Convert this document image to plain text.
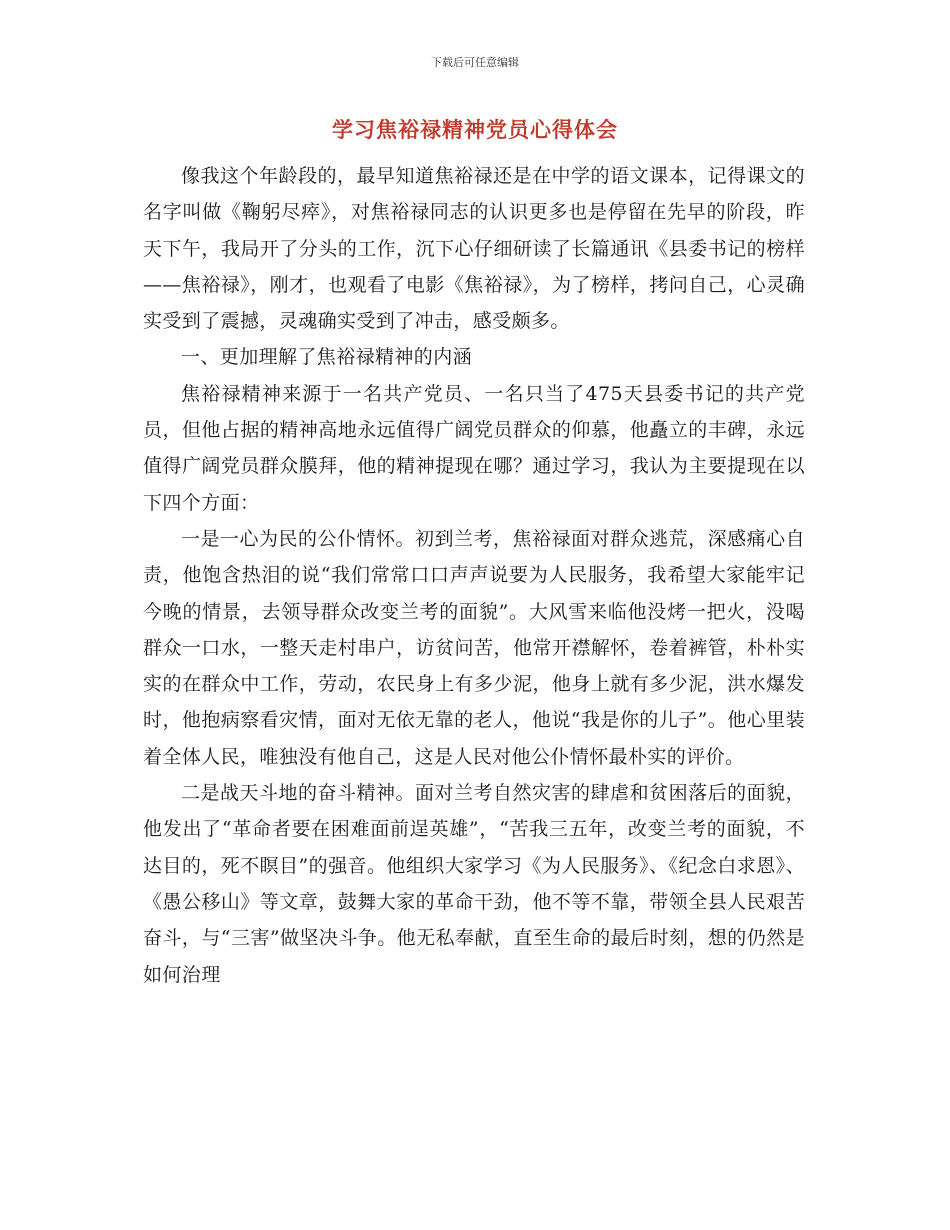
下载后可任意编辑
学习焦裕禄精神党员心得体会

像我这个年龄段的，最早知道焦裕禄还是在中学的语文课本，记得课文的名字叫做《鞠躬尽瘁》，对焦裕禄同志的认识更多也是停留在先早的阶段，昨天下午，我局开了分头的工作，沉下心仔细研读了长篇通讯《县委书记的榜样——焦裕禄》，刚才，也观看了电影《焦裕禄》，为了榜样，拷问自己，心灵确实受到了震撼，灵魂确实受到了冲击，感受颇多。

一、更加理解了焦裕禄精神的内涵

焦裕禄精神来源于一名共产党员、一名只当了475天县委书记的共产党员，但他占据的精神高地永远值得广阔党员群众的仰慕，他矗立的丰碑，永远值得广阔党员群众膜拜，他的精神提现在哪？通过学习，我认为主要提现在以下四个方面：

一是一心为民的公仆情怀。初到兰考，焦裕禄面对群众逃荒，深感痛心自责，他饱含热泪的说“我们常常口口声声说要为人民服务，我希望大家能牢记今晚的情景，去领导群众改变兰考的面貌”。大风雪来临他没烤一把火，没喝群众一口水，一整天走村串户，访贫问苦，他常开襟解怀，卷着裤管，朴朴实实的在群众中工作，劳动，农民身上有多少泥，他身上就有多少泥，洪水爆发时，他抱病察看灾情，面对无依无靠的老人，他说“我是你的儿子”。他心里装着全体人民，唯独没有他自己，这是人民对他公仆情怀最朴实的评价。

二是战天斗地的奋斗精神。面对兰考自然灾害的肆虐和贫困落后的面貌，他发出了“革命者要在困难面前逞英雄”，“苦我三五年，改变兰考的面貌，不达目的，死不瞑目”的强音。他组织大家学习《为人民服务》、《纪念白求恩》、《愚公移山》等文章，鼓舞大家的革命干劲，他不等不靠，带领全县人民艰苦奋斗，与“三害”做坚决斗争。他无私奉献，直至生命的最后时刻，想的仍然是如何治理
